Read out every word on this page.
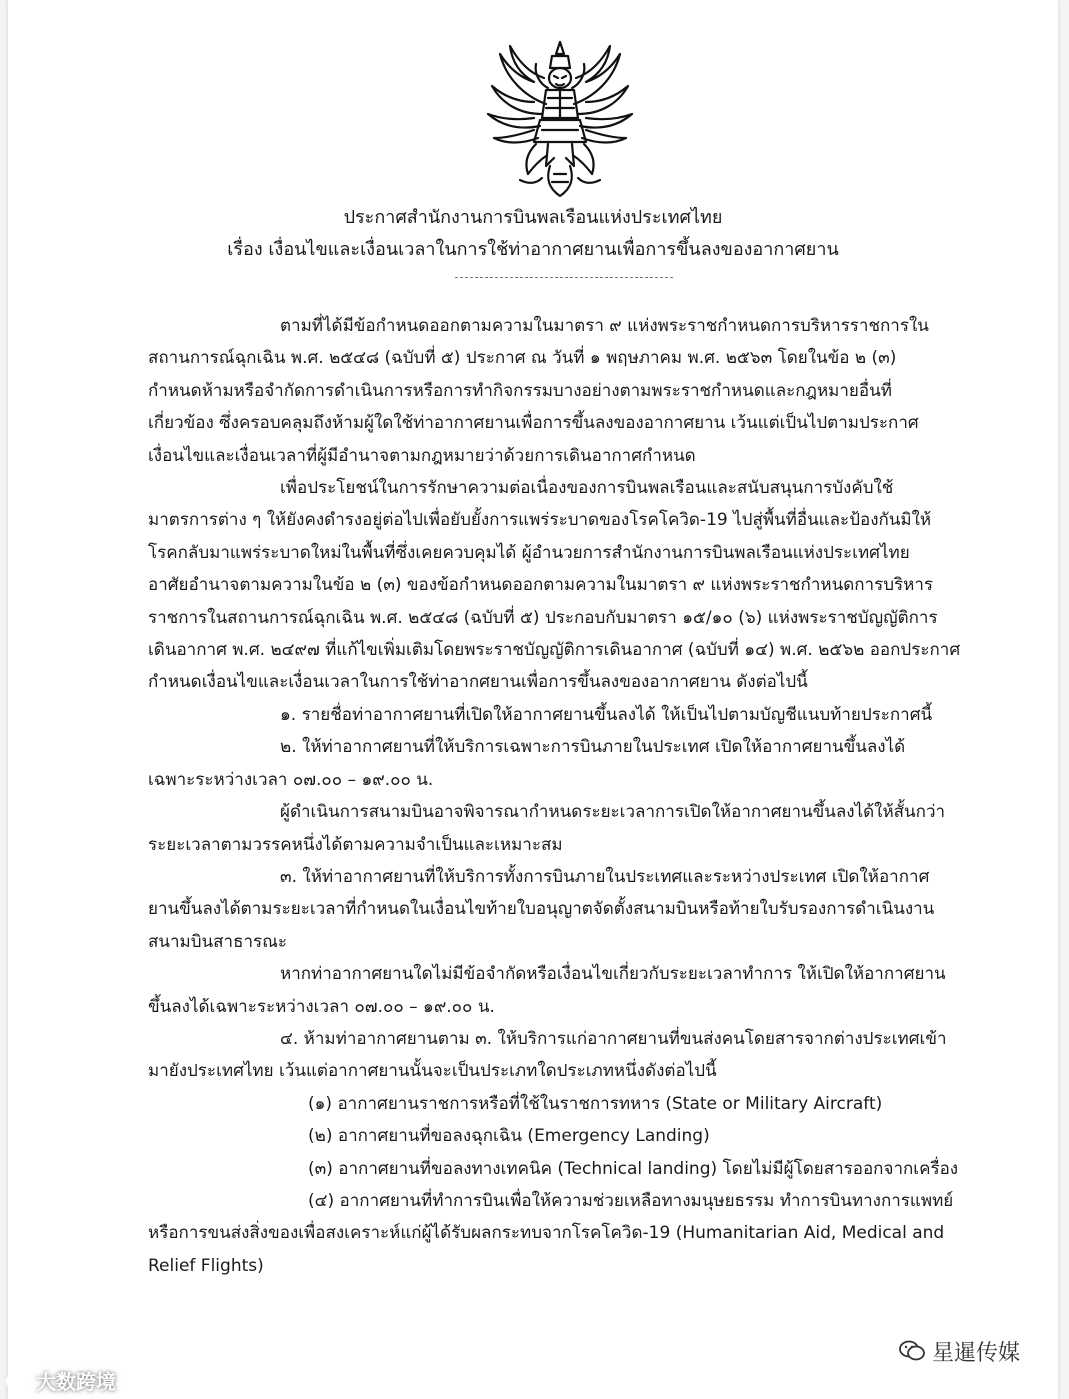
ประกาศสำนักงานการบินพลเรือนแห่งประเทศไทย
เรื่อง เงื่อนไขและเงื่อนเวลาในการใช้ท่าอากาศยานเพื่อการขึ้นลงของอากาศยาน

ตามที่ได้มีข้อกำหนดออกตามความในมาตรา ๙ แห่งพระราชกำหนดการบริหารราชการใน

สถานการณ์ฉุกเฉิน พ.ศ. ๒๕๔๘ (ฉบับที่ ๕) ประกาศ ณ วันที่ ๑ พฤษภาคม พ.ศ. ๒๕๖๓ โดยในข้อ ๒ (๓)

กำหนดห้ามหรือจำกัดการดำเนินการหรือการทำกิจกรรมบางอย่างตามพระราชกำหนดและกฎหมายอื่นที่

เกี่ยวข้อง ซึ่งครอบคลุมถึงห้ามผู้ใดใช้ท่าอากาศยานเพื่อการขึ้นลงของอากาศยาน เว้นแต่เป็นไปตามประกาศ

เงื่อนไขและเงื่อนเวลาที่ผู้มีอำนาจตามกฎหมายว่าด้วยการเดินอากาศกำหนด

เพื่อประโยชน์ในการรักษาความต่อเนื่องของการบินพลเรือนและสนับสนุนการบังคับใช้

มาตรการต่าง ๆ ให้ยังคงดำรงอยู่ต่อไปเพื่อยับยั้งการแพร่ระบาดของโรคโควิด-19 ไปสู่พื้นที่อื่นและป้องกันมิให้

โรคกลับมาแพร่ระบาดใหม่ในพื้นที่ซึ่งเคยควบคุมได้ ผู้อำนวยการสำนักงานการบินพลเรือนแห่งประเทศไทย

อาศัยอำนาจตามความในข้อ ๒ (๓) ของข้อกำหนดออกตามความในมาตรา ๙ แห่งพระราชกำหนดการบริหาร

ราชการในสถานการณ์ฉุกเฉิน พ.ศ. ๒๕๔๘ (ฉบับที่ ๕) ประกอบกับมาตรา ๑๕/๑๐ (๖) แห่งพระราชบัญญัติการ

เดินอากาศ พ.ศ. ๒๔๙๗ ที่แก้ไขเพิ่มเติมโดยพระราชบัญญัติการเดินอากาศ (ฉบับที่ ๑๔) พ.ศ. ๒๕๖๒ ออกประกาศ

กำหนดเงื่อนไขและเงื่อนเวลาในการใช้ท่าอากศยานเพื่อการขึ้นลงของอากาศยาน ดังต่อไปนี้

๑. รายชื่อท่าอากาศยานที่เปิดให้อากาศยานขึ้นลงได้ ให้เป็นไปตามบัญชีแนบท้ายประกาศนี้

๒. ให้ท่าอากาศยานที่ให้บริการเฉพาะการบินภายในประเทศ เปิดให้อากาศยานขึ้นลงได้

เฉพาะระหว่างเวลา ๐๗.๐๐ – ๑๙.๐๐ น.

ผู้ดำเนินการสนามบินอาจพิจารณากำหนดระยะเวลาการเปิดให้อากาศยานขึ้นลงได้ให้สั้นกว่า

ระยะเวลาตามวรรคหนึ่งได้ตามความจำเป็นและเหมาะสม

๓. ให้ท่าอากาศยานที่ให้บริการทั้งการบินภายในประเทศและระหว่างประเทศ เปิดให้อากาศ

ยานขึ้นลงได้ตามระยะเวลาที่กำหนดในเงื่อนไขท้ายใบอนุญาตจัดตั้งสนามบินหรือท้ายใบรับรองการดำเนินงาน

สนามบินสาธารณะ

หากท่าอากาศยานใดไม่มีข้อจำกัดหรือเงื่อนไขเกี่ยวกับระยะเวลาทำการ ให้เปิดให้อากาศยาน

ขึ้นลงได้เฉพาะระหว่างเวลา ๐๗.๐๐ – ๑๙.๐๐ น.

๔. ห้ามท่าอากาศยานตาม ๓. ให้บริการแก่อากาศยานที่ขนส่งคนโดยสารจากต่างประเทศเข้า

มายังประเทศไทย เว้นแต่อากาศยานนั้นจะเป็นประเภทใดประเภทหนึ่งดังต่อไปนี้

(๑) อากาศยานราชการหรือที่ใช้ในราชการทหาร (State or Military Aircraft)

(๒) อากาศยานที่ขอลงฉุกเฉิน (Emergency Landing)

(๓) อากาศยานที่ขอลงทางเทคนิค (Technical landing) โดยไม่มีผู้โดยสารออกจากเครื่อง

(๔) อากาศยานที่ทำการบินเพื่อให้ความช่วยเหลือทางมนุษยธรรม ทำการบินทางการแพทย์

หรือการขนส่งสิ่งของเพื่อสงเคราะห์แก่ผู้ได้รับผลกระทบจากโรคโควิด-19 (Humanitarian Aid, Medical and

Relief Flights)

大数跨境
星暹传媒
